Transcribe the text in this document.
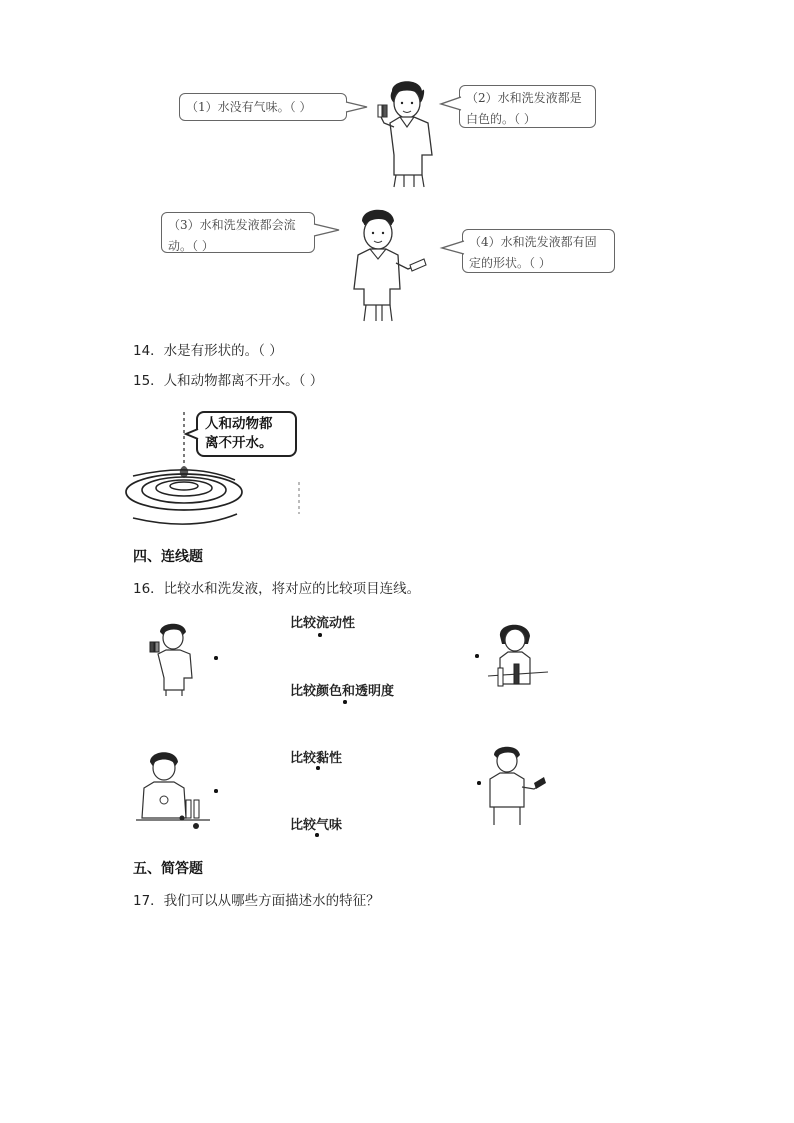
（1）水没有气味。（ ）
（2）水和洗发液都是
白色的。（ ）
（3）水和洗发液都会流
动。（ ）	（4）水和洗发液都有固
定的形状。（ ）
14．水是有形状的。（ ）
15．人和动物都离不开水。（ ）
人和动物都
离不开水。
四、连线题
16．比较水和洗发液，将对应的比较项目连线。
比较流动性
比较颜色和透明度
比较黏性
比较气味
五、简答题
17．我们可以从哪些方面描述水的特征？
